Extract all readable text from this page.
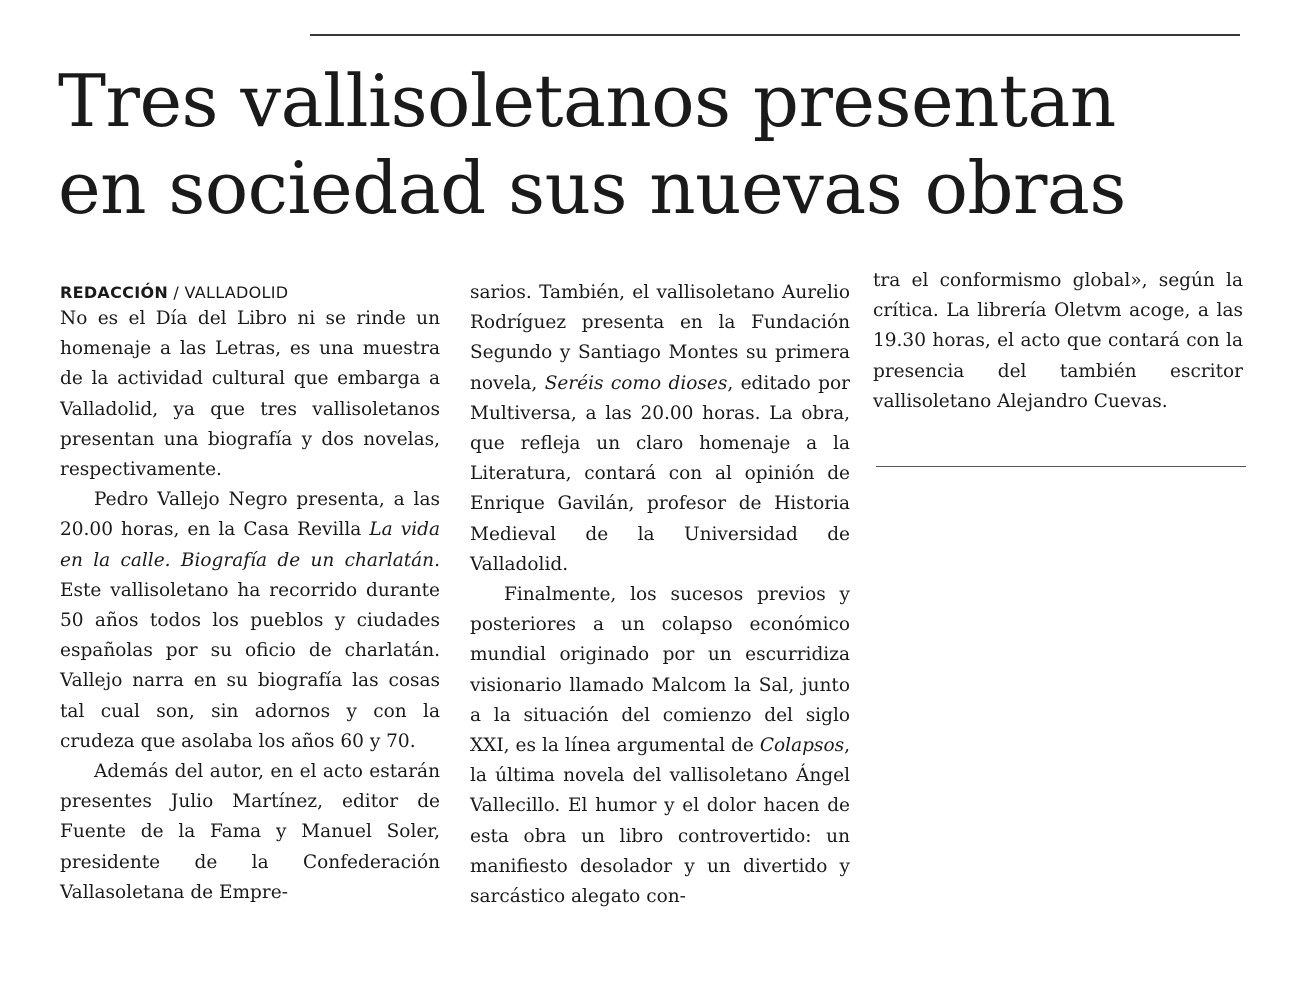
Tres vallisoletanos presentan
en sociedad sus nuevas obras
REDACCIÓN / VALLADOLID

No es el Día del Libro ni se rinde un homenaje a las Letras, es una muestra de la actividad cultural que embarga a Valladolid, ya que tres vallisoletanos presentan una biografía y dos novelas, respectivamente.

Pedro Vallejo Negro presenta, a las 20.00 horas, en la Casa Revilla La vida en la calle. Biografía de un charlatán. Este vallisoletano ha recorrido durante 50 años todos los pueblos y ciudades españolas por su oficio de charlatán. Vallejo narra en su biografía las cosas tal cual son, sin adornos y con la crudeza que asolaba los años 60 y 70.

Además del autor, en el acto estarán presentes Julio Martínez, editor de Fuente de la Fama y Manuel Soler, presidente de la Confederación Vallasoletana de Empre-

sarios. También, el vallisoletano Aurelio Rodríguez presenta en la Fundación Segundo y Santiago Montes su primera novela, Seréis como dioses, editado por Multiversa, a las 20.00 horas. La obra, que refleja un claro homenaje a la Literatura, contará con al opinión de Enrique Gavilán, profesor de Historia Medieval de la Universidad de Valladolid.

Finalmente, los sucesos previos y posteriores a un colapso económico mundial originado por un escurridiza visionario llamado Malcom la Sal, junto a la situación del comienzo del siglo XXI, es la línea argumental de Colapsos, la última novela del vallisoletano Ángel Vallecillo. El humor y el dolor hacen de esta obra un libro controvertido: un manifiesto desolador y un divertido y sarcástico alegato con-

tra el conformismo global», según la crítica. La librería Oletvm acoge, a las 19.30 horas, el acto que contará con la presencia del también escritor vallisoletano Alejandro Cuevas.
